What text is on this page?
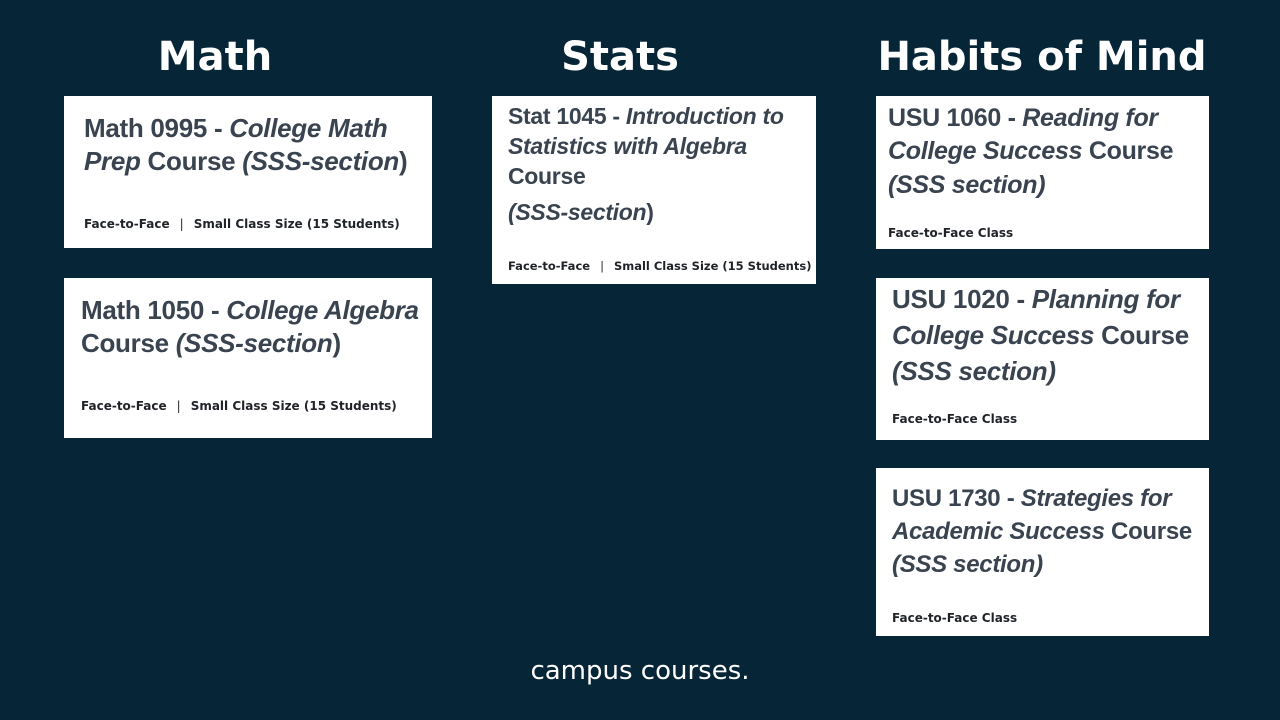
Math	Stats	Habits of Mind
Math 0995 - College Math Prep Course (SSS-section)
Face-to-Face | Small Class Size (15 Students)
Math 1050 - College Algebra Course (SSS-section)
Face-to-Face | Small Class Size (15 Students)
Stat 1045 - Introduction to Statistics with Algebra Course
(SSS-section)
Face-to-Face | Small Class Size (15 Students)
USU 1060 - Reading for College Success Course (SSS section)
Face-to-Face Class
USU 1020 - Planning for College Success Course (SSS section)
Face-to-Face Class
USU 1730 - Strategies for Academic Success Course (SSS section)
Face-to-Face Class
campus courses.
